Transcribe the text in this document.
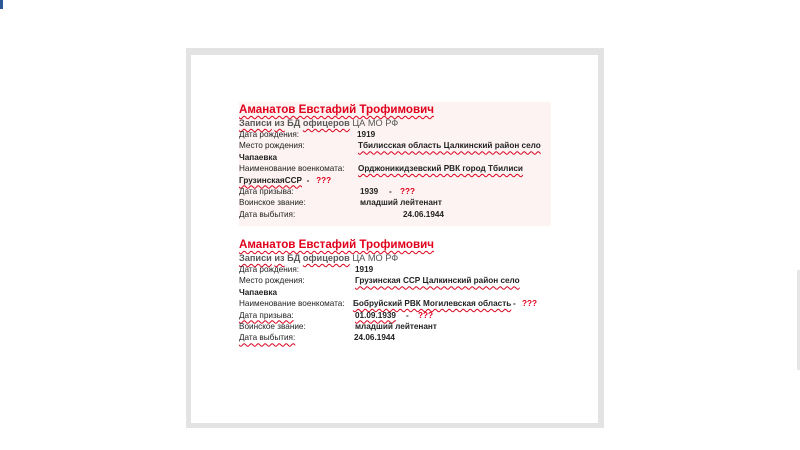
Аманатов Евстафий Трофимович
Записи из БД офицеров ЦА МО РФ
Дата рождения:	1919
Место рождения:	Тбилисская область Цалкинский район село
Чапаевка
Наименование военкомата: Орджоникидзевский РВК город Тбилиси
ГрузинскаяССР - ???
Дата призыва:	1939 - ???
Воинское звание:	младший лейтенант
Дата выбытия:	24.06.1944
Аманатов Евстафий Трофимович
Записи из БД офицеров ЦА МО РФ
Дата рождения:	1919
Место рождения:	Грузинская ССР Цалкинский район село
Чапаевка
Наименование военкомата: Бобруйский РВК Могилевская область - ???
Дата призыва:	01.09.1939 - ???
Воинское звание:	младший лейтенант
Дата выбытия:	24.06.1944
